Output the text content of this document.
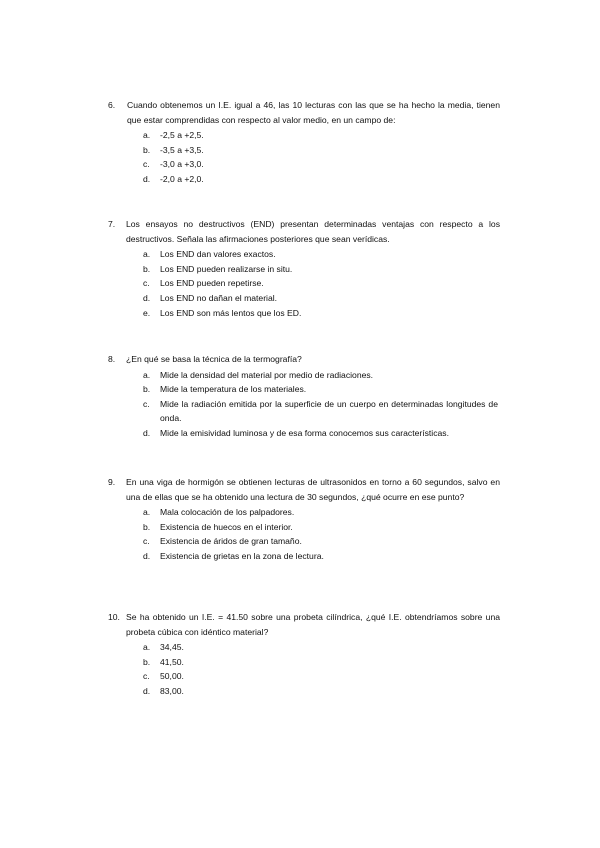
6.	Cuando obtenemos un I.E. igual a 46, las 10 lecturas con las que se ha hecho la media, tienen que estar comprendidas con respecto al valor medio, en un campo de:
a.	-2,5 a +2,5.
b.	-3,5 a +3,5.
c.	-3,0 a +3,0.
d.	-2,0 a +2,0.
7.	Los ensayos no destructivos (END) presentan determinadas ventajas con respecto a los destructivos. Señala las afirmaciones posteriores que sean verídicas.
a.	Los END dan valores exactos.
b.	Los END pueden realizarse in situ.
c.	Los END pueden repetirse.
d.	Los END no dañan el material.
e.	Los END son más lentos que los ED.
8.	¿En qué se basa la técnica de la termografía?
a.	Mide la densidad del material por medio de radiaciones.
b.	Mide la temperatura de los materiales.
c.	Mide la radiación emitida por la superficie de un cuerpo en determinadas longitudes de onda.
d.	Mide la emisividad luminosa y de esa forma conocemos sus características.
9.	En una viga de hormigón se obtienen lecturas de ultrasonidos en torno a 60 segundos, salvo en una de ellas que se ha obtenido una lectura de 30 segundos, ¿qué ocurre en ese punto?
a.	Mala colocación de los palpadores.
b.	Existencia de huecos en el interior.
c.	Existencia de áridos de gran tamaño.
d.	Existencia de grietas en la zona de lectura.
10. Se ha obtenido un I.E. = 41.50 sobre una probeta cilíndrica, ¿qué I.E. obtendríamos sobre una probeta cúbica con idéntico material?
a.	34,45.
b.	41,50.
c.	50,00.
d.	83,00.
